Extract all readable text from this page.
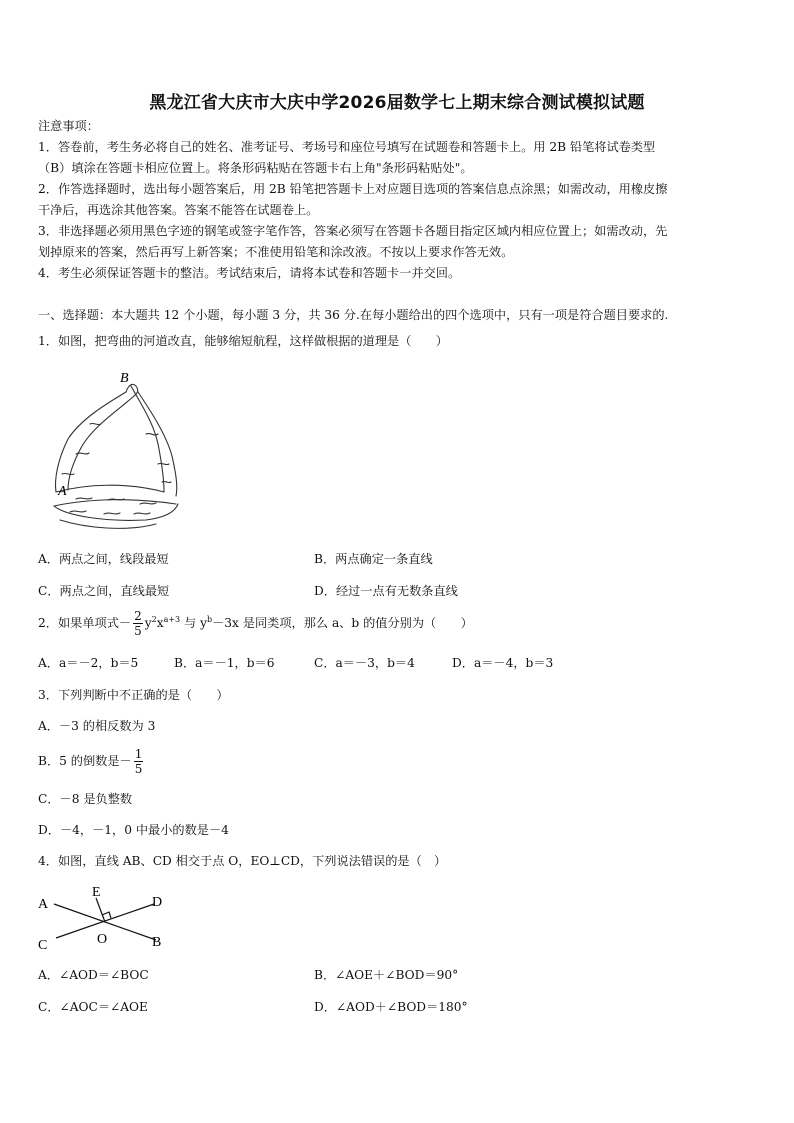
黑龙江省大庆市大庆中学2026届数学七上期末综合测试模拟试题
注意事项：
1．答卷前，考生务必将自己的姓名、准考证号、考场号和座位号填写在试题卷和答题卡上。用 2B 铅笔将试卷类型
（B）填涂在答题卡相应位置上。将条形码粘贴在答题卡右上角"条形码粘贴处"。
2．作答选择题时，选出每小题答案后，用 2B 铅笔把答题卡上对应题目选项的答案信息点涂黑；如需改动，用橡皮擦
干净后，再选涂其他答案。答案不能答在试题卷上。
3．非选择题必须用黑色字迹的钢笔或签字笔作答，答案必须写在答题卡各题目指定区域内相应位置上；如需改动，先
划掉原来的答案，然后再写上新答案；不准使用铅笔和涂改液。不按以上要求作答无效。
4．考生必须保证答题卡的整洁。考试结束后，请将本试卷和答题卡一并交回。
一、选择题：本大题共 12 个小题，每小题 3 分，共 36 分.在每小题给出的四个选项中，只有一项是符合题目要求的.
1．如图，把弯曲的河道改直，能够缩短航程，这样做根据的道理是（　　）
B
A
A．两点之间，线段最短	B．两点确定一条直线
C．两点之间，直线最短	D．经过一点有无数条直线
2．如果单项式－ $\frac{2}{5} y^2x^{a+3}$ 与 $y^b-3x$ 是同类项，那么 a、b 的值分别为（　　）
A．a＝－2，b＝5	B．a＝－1，b＝6	C．a＝－3，b＝4	D．a＝－4，b＝3
3．下列判断中不正确的是（　　）
A．－3 的相反数为 3
B．5 的倒数是－ $\frac{1}{5}$
C．－8 是负整数
D．－4，－1，0 中最小的数是－4
4．如图，直线 AB、CD 相交于点 O，EO⊥CD，下列说法错误的是（　）
A
E
D
C	O	B
A．∠AOD＝∠BOC	B．∠AOE＋∠BOD＝90°
C．∠AOC＝∠AOE	D．∠AOD＋∠BOD＝180°
